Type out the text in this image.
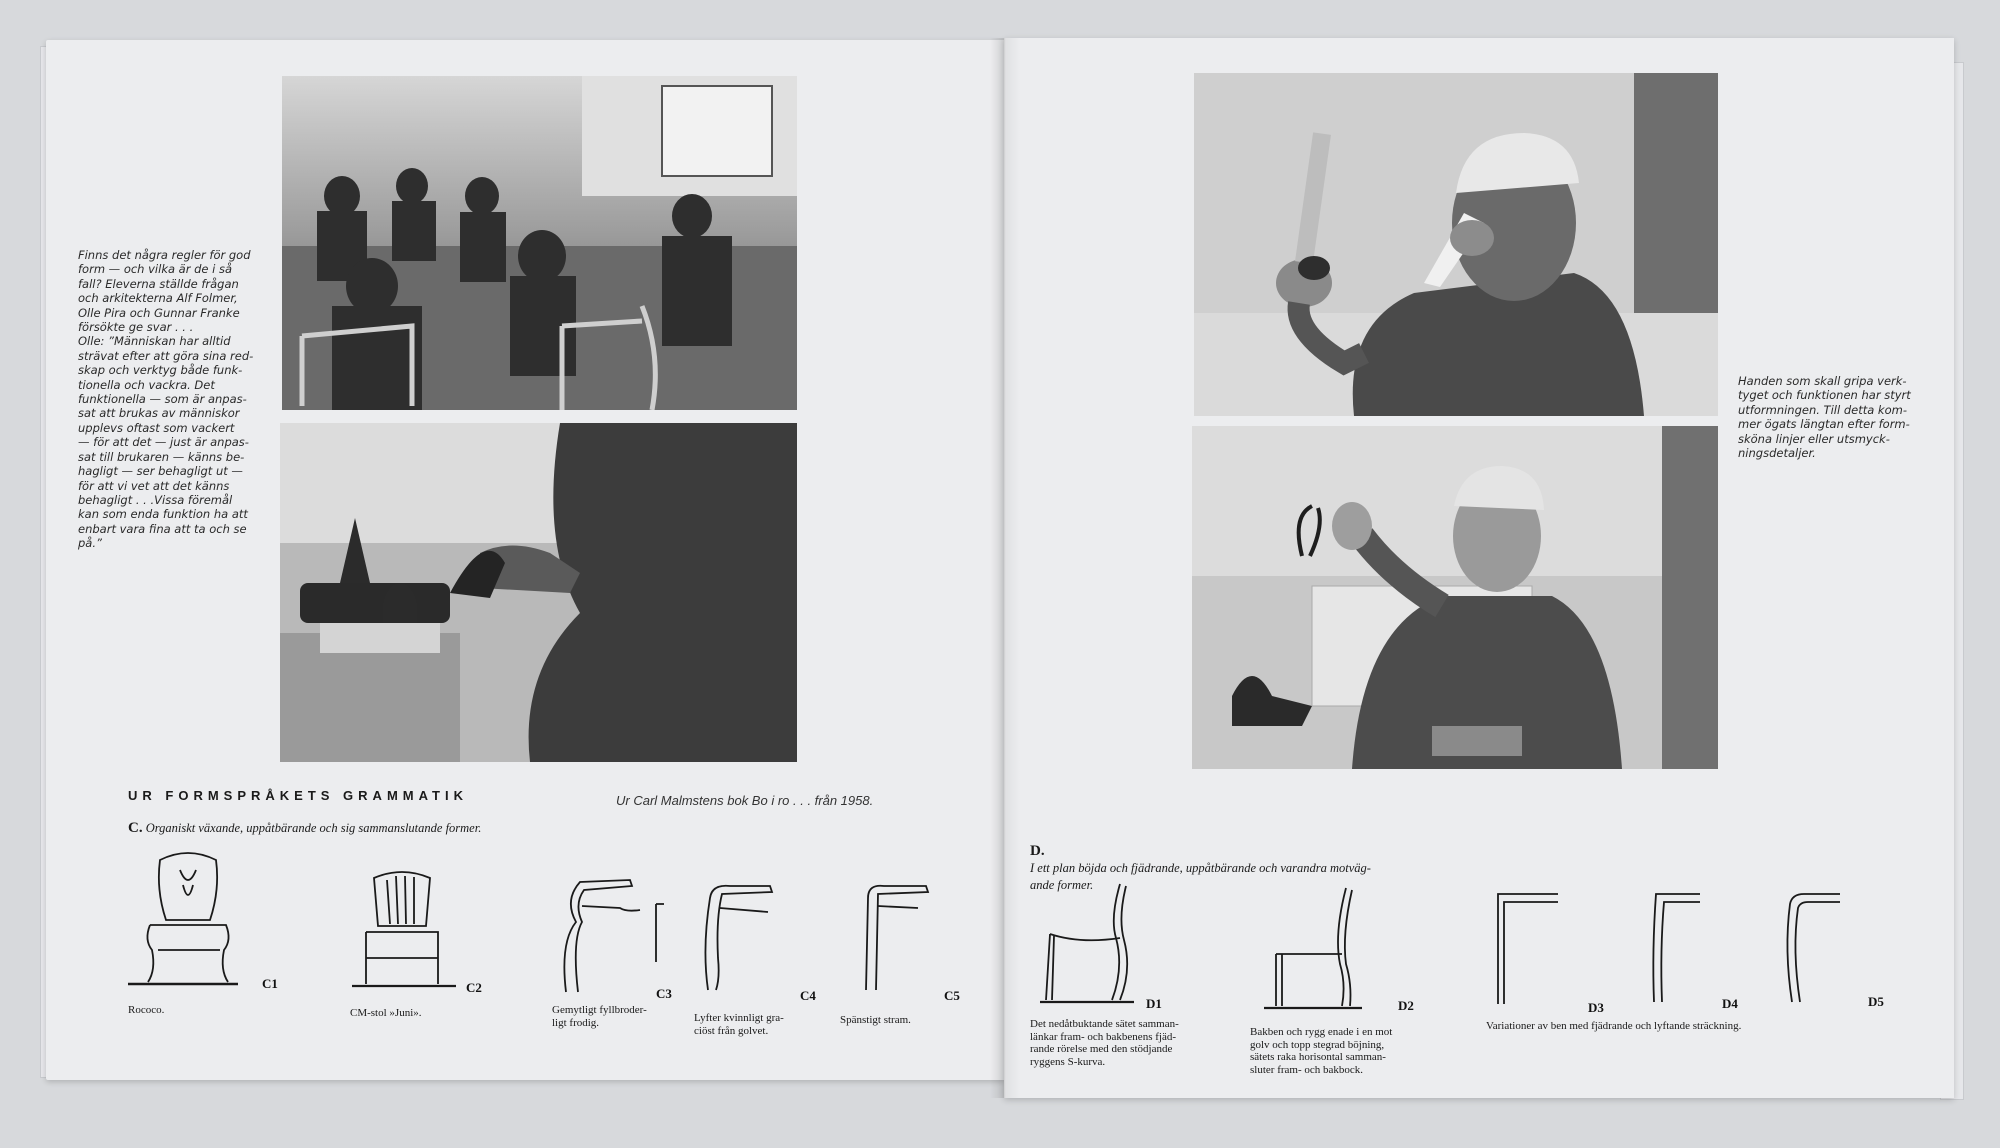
Finns det några regler för god
form — och vilka är de i så
fall? Eleverna ställde frågan
och arkitekterna Alf Folmer,
Olle Pira och Gunnar Franke
försökte ge svar . . .
Olle: ”Människan har alltid
strävat efter att göra sina red-
skap och verktyg både funk-
tionella och vackra. Det
funktionella — som är anpas-
sat att brukas av människor
upplevs oftast som vackert
— för att det — just är anpas-
sat till brukaren — känns be-
hagligt — ser behagligt ut —
för att vi vet att det känns
behagligt . . .Vissa föremål
kan som enda funktion ha att
enbart vara fina att ta och se
på.”
UR FORMSPRÅKETS GRAMMATIK	Ur Carl Malmstens bok Bo i ro . . . från 1958.
C. Organiskt växande, uppåtbärande och sig sammanslutande former.
C1
Rococo.
C2
CM-stol »Juni».
C3
Gemytligt fyllbroder-
ligt frodig.
C4
Lyfter kvinnligt gra-
ciöst från golvet.
C5
Spänstigt stram.
Handen som skall gripa verk-
tyget och funktionen har styrt
utformningen. Till detta kom-
mer ögats längtan efter form-
sköna linjer eller utsmyck-
ningsdetaljer.

D.
I ett plan böjda och fjädrande, uppåtbärande och varandra motväg-
ande former.

D1
Det nedåtbuktande sätet samman-
länkar fram- och bakbenens fjäd-
rande rörelse med den stödjande
ryggens S-kurva.
D2
Bakben och rygg enade i en mot
golv och topp stegrad böjning,
sätets raka horisontal samman-
sluter fram- och bakbock.
D3	D4	D5
Variationer av ben med fjädrande och lyftande sträckning.
